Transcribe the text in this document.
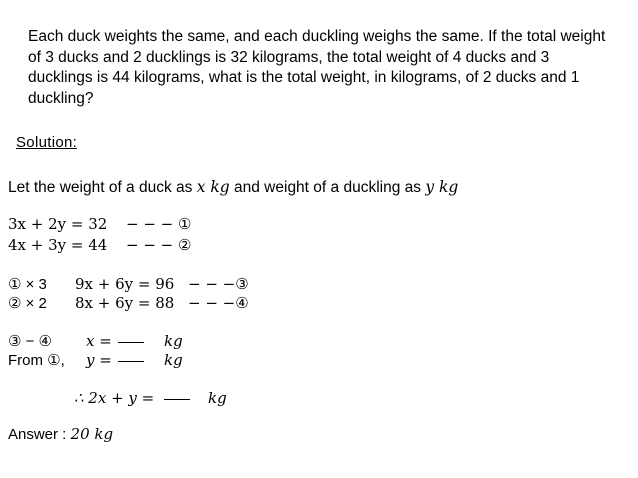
Each duck weights the same, and each duckling weighs the same. If the total weight of 3 ducks and 2 ducklings is 32 kilograms, the total weight of 4 ducks and 3 ducklings is 44 kilograms, what is the total weight, in kilograms, of 2 ducks and 1 duckling?
Solution:
Let the weight of a duck as x kg and weight of a duckling as y kg
3x + 2y = 32 − − − ①
4x + 3y = 44 − − − ②
① × 3 9x + 6y = 96 − − −③
② × 2 8x + 6y = 88 − − −④
③ − ④ x =	kg
From ①, y =	kg
∴ 2x + y =	kg
Answer : 20 kg
